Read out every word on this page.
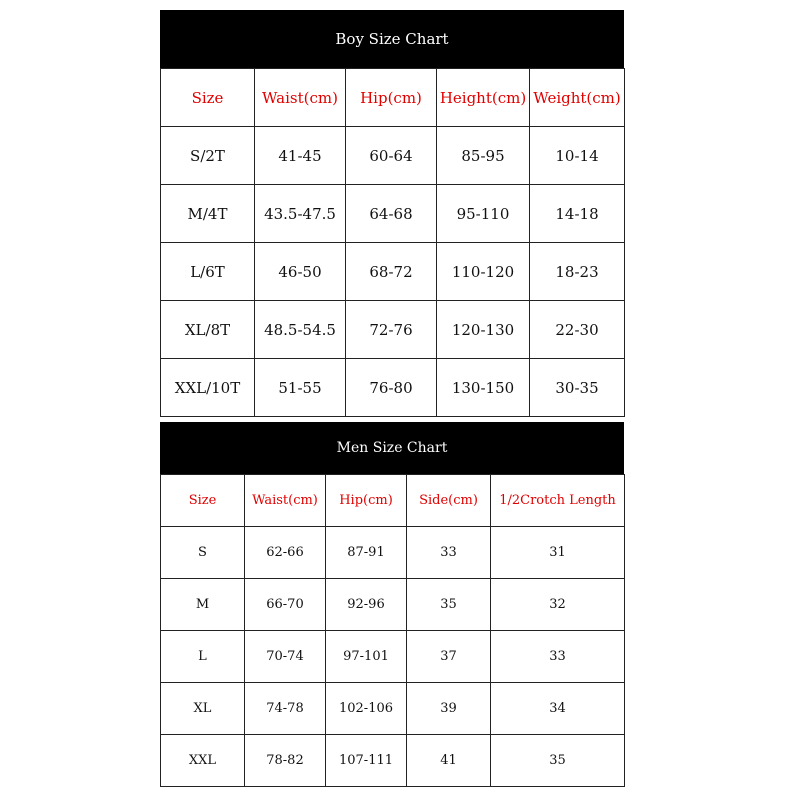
Boy Size Chart
Size	Waist(cm)	Hip(cm)	Height(cm)	Weight(cm)
S/2T	41-45	60-64	85-95	10-14
M/4T	43.5-47.5	64-68	95-110	14-18
L/6T	46-50	68-72	110-120	18-23
XL/8T	48.5-54.5	72-76	120-130	22-30
XXL/10T	51-55	76-80	130-150	30-35
Men Size Chart
Size	Waist(cm)	Hip(cm)	Side(cm)	1/2Crotch Length
S	62-66	87-91	33	31
M	66-70	92-96	35	32
L	70-74	97-101	37	33
XL	74-78	102-106	39	34
XXL	78-82	107-111	41	35
